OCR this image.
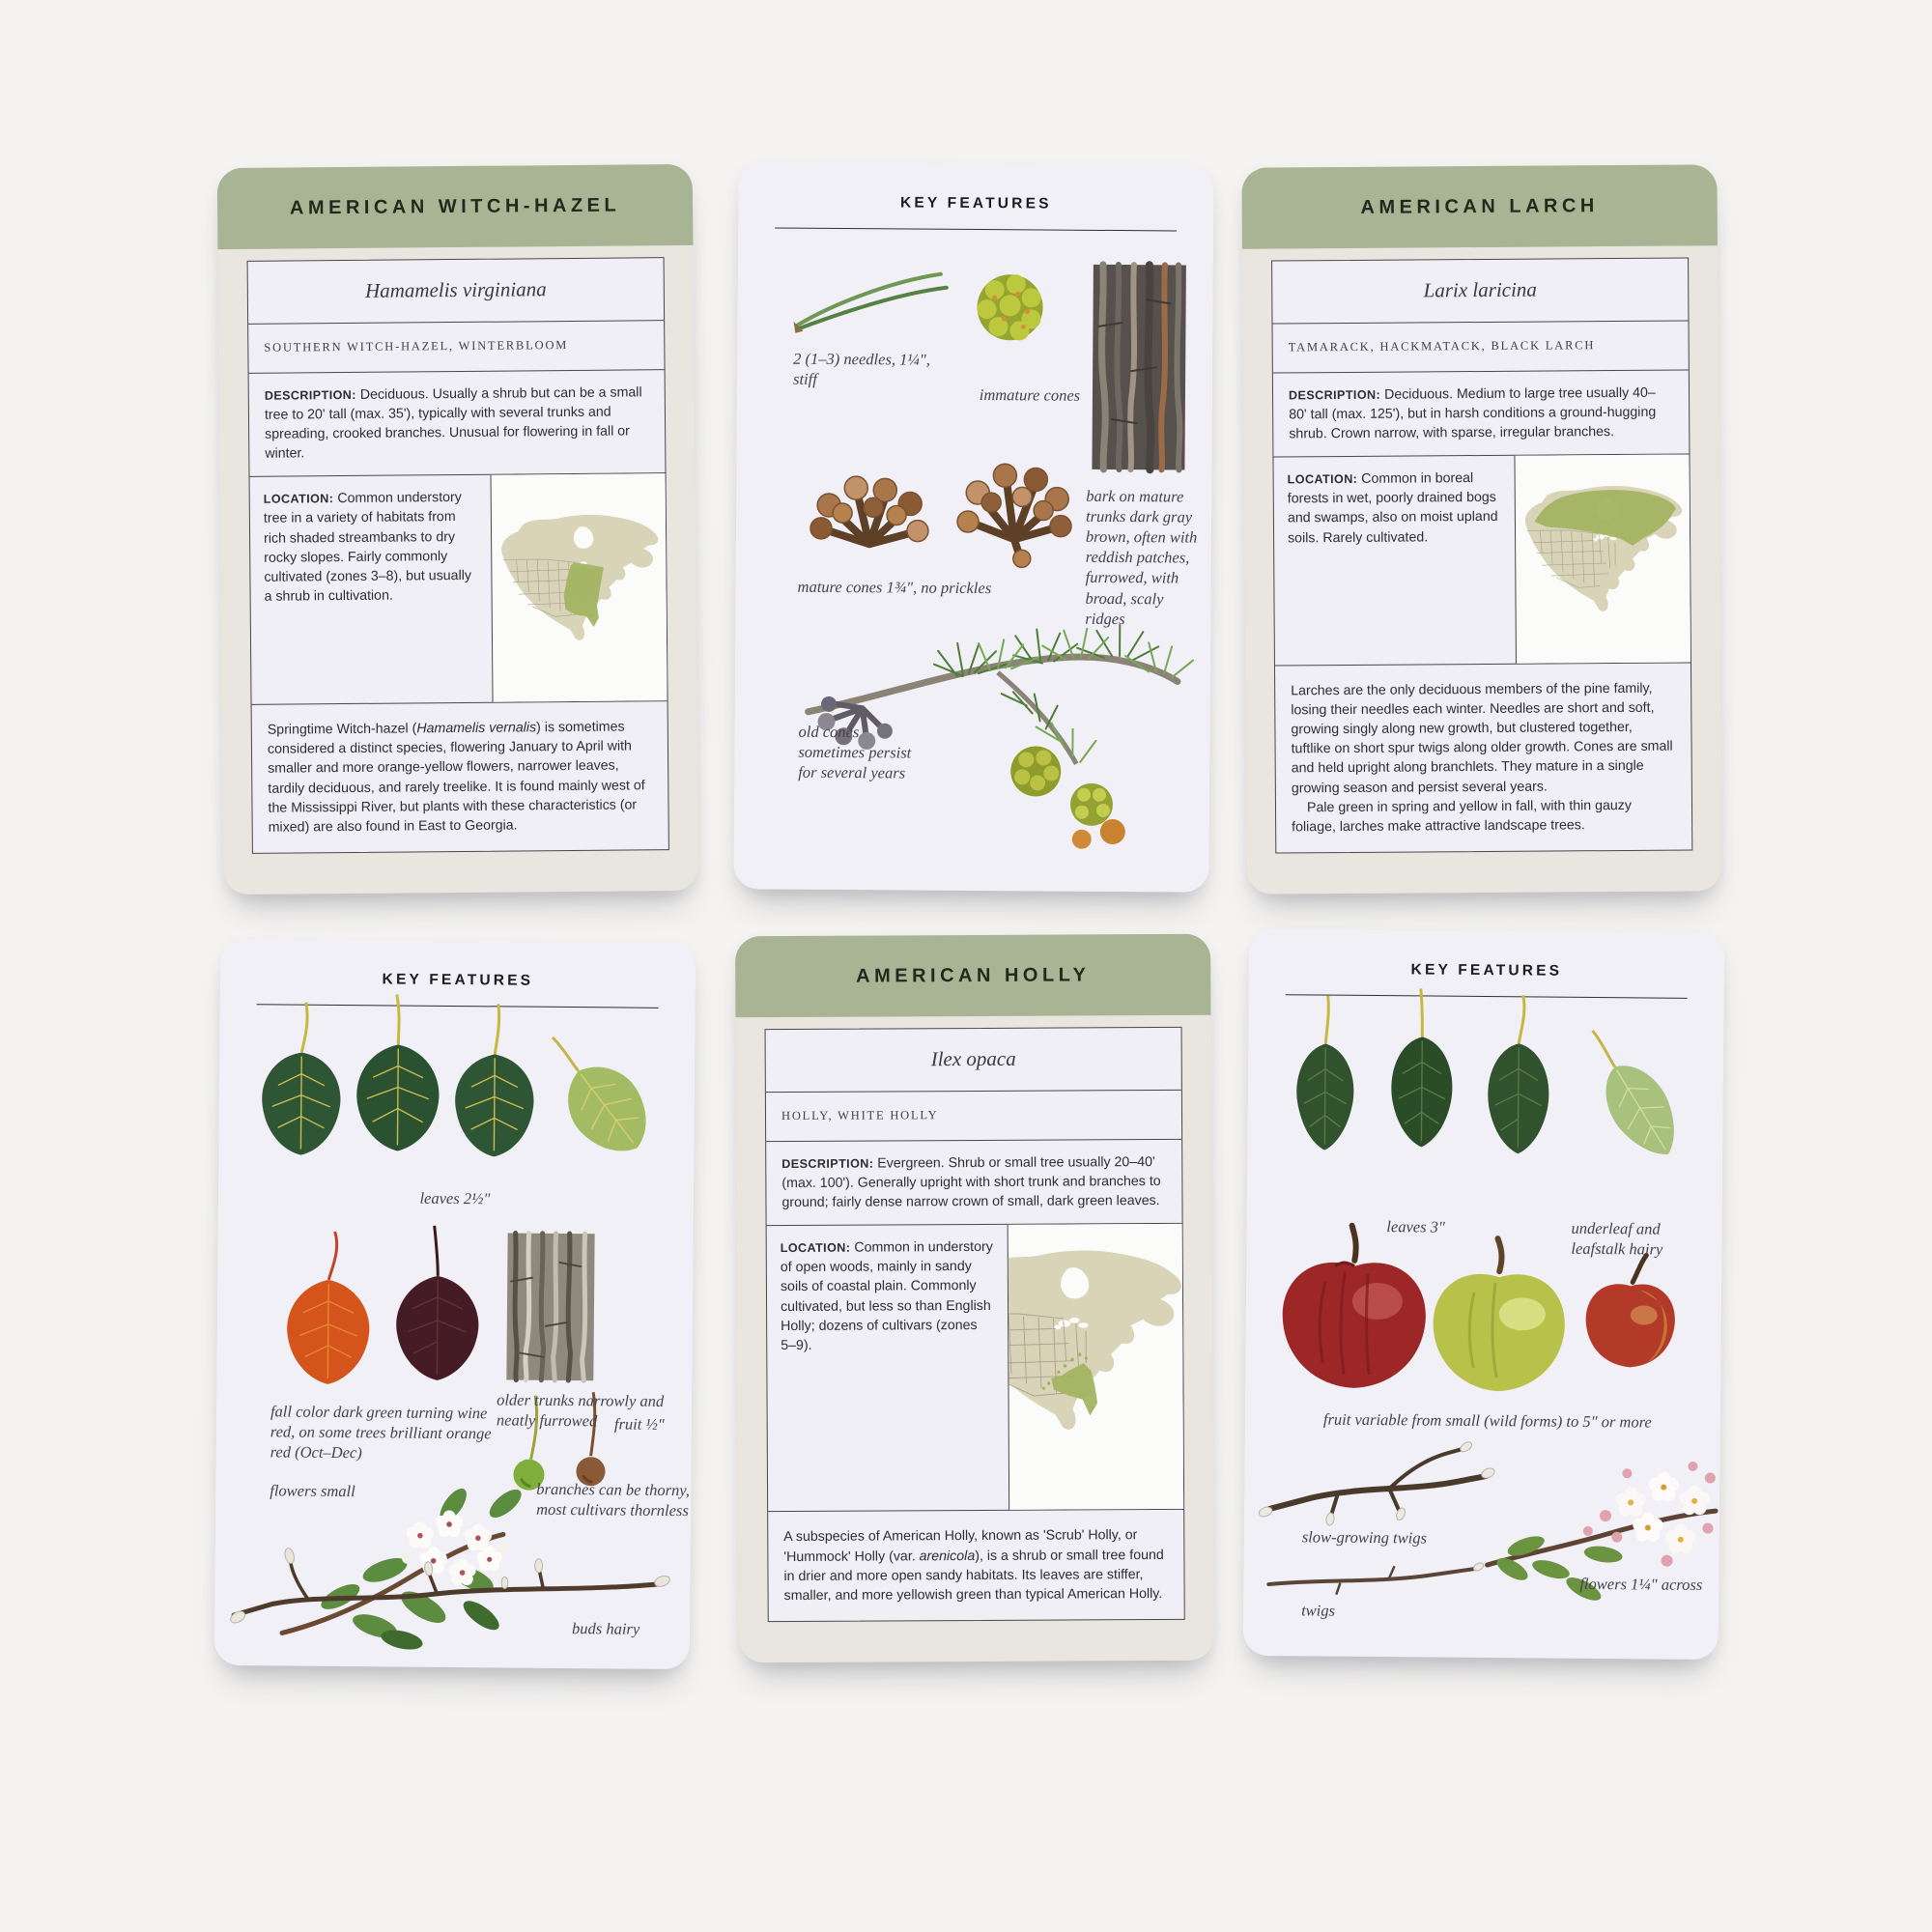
AMERICAN WITCH-HAZEL
Hamamelis virginiana
SOUTHERN WITCH-HAZEL, WINTERBLOOM
DESCRIPTION: Deciduous. Usually a shrub but can be a small tree to 20' tall (max. 35'), typically with several trunks and spreading, crooked branches. Unusual for flowering in fall or winter.
LOCATION: Common understory tree in a variety of habitats from rich shaded streambanks to dry rocky slopes. Fairly commonly cultivated (zones 3–8), but usually a shrub in cultivation.
Springtime Witch-hazel (Hamamelis vernalis) is sometimes considered a distinct species, flowering January to April with smaller and more orange-yellow flowers, narrower leaves, tardily deciduous, and rarely treelike. It is found mainly west of the Mississippi River, but plants with these characteristics (or mixed) are also found in East to Georgia.
KEY FEATURES
2 (1–3) needles, 1¼", stiff
immature cones
bark on mature trunks dark gray brown, often with reddish patches, furrowed, with broad, scaly ridges
mature cones 1¾", no prickles
old cones sometimes persist for several years
AMERICAN LARCH
Larix laricina
TAMARACK, HACKMATACK, BLACK LARCH
DESCRIPTION: Deciduous. Medium to large tree usually 40–80' tall (max. 125'), but in harsh conditions a ground-hugging shrub. Crown narrow, with sparse, irregular branches.
LOCATION: Common in boreal forests in wet, poorly drained bogs and swamps, also on moist upland soils. Rarely cultivated.

Larches are the only deciduous members of the pine family, losing their needles each winter. Needles are short and soft, growing singly along new growth, but clustered together, tuftlike on short spur twigs along older growth. Cones are small and held upright along branchlets. They mature in a single growing season and persist several years.

Pale green in spring and yellow in fall, with thin gauzy foliage, larches make attractive landscape trees.

KEY FEATURES
leaves 2½"
fall color dark green turning wine red, on some trees brilliant orange red (Oct–Dec)
older trunks narrowly and neatly furrowed
flowers small
fruit ½"
branches can be thorny, most cultivars thornless
buds hairy
AMERICAN HOLLY
Ilex opaca
HOLLY, WHITE HOLLY
DESCRIPTION: Evergreen. Shrub or small tree usually 20–40' (max. 100'). Generally upright with short trunk and branches to ground; fairly dense narrow crown of small, dark green leaves.
LOCATION: Common in understory of open woods, mainly in sandy soils of coastal plain. Commonly cultivated, but less so than English Holly; dozens of cultivars (zones 5–9).
A subspecies of American Holly, known as 'Scrub' Holly, or 'Hummock' Holly (var. arenicola), is a shrub or small tree found in drier and more open sandy habitats. Its leaves are stiffer, smaller, and more yellowish green than typical American Holly.
KEY FEATURES
leaves 3"	underleaf and leafstalk hairy
fruit variable from small (wild forms) to 5" or more
slow-growing twigs
twigs
flowers 1¼" across
